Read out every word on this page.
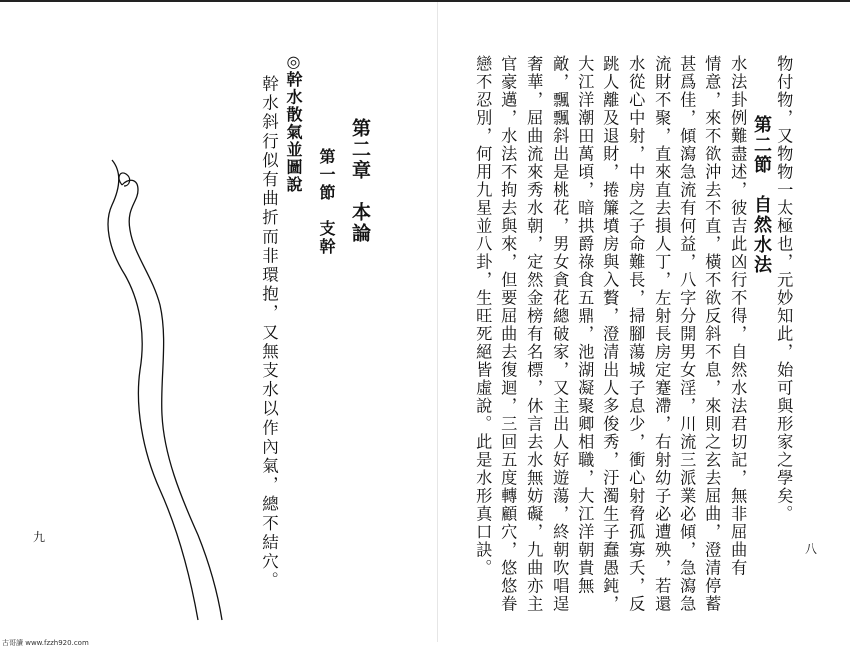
物付物，又物物一太極也，元妙知此，始可與形家之學矣。
第二節　自然水法
水法卦例難盡述，彼吉此凶行不得，自然水法君切記，無非屈曲有
情意，來不欲沖去不直，橫不欲反斜不息，來則之玄去屈曲，澄清停蓄
甚爲佳，傾瀉急流有何益，八字分開男女淫，川流三派業必傾，急瀉急
流財不聚，直來直去損人丁，左射長房定蹇滯，右射幼子必遭殃，若還
水從心中射，中房之子命難長，掃腳蕩城子息少，衝心射脅孤寡夭，反
跳人離及退財，捲簾墳房與入贅，澄清出人多俊秀，汙濁生子蠢愚鈍，
大江洋潮田萬頃，暗拱爵祿食五鼎，池湖凝聚卿相職，大江洋朝貴無
敵，飄飄斜出是桃花，男女貪花總破家，又主出人好遊蕩，終朝吹唱逞
奢華，屈曲流來秀水朝，定然金榜有名標，休言去水無妨礙，九曲亦主
官豪邁，水法不拘去與來，但要屈曲去復迴，三回五度轉顧穴，悠悠眷
戀不忍別，何用九星並八卦，生旺死絕皆虛說。此是水形真口訣。	八
第二章　本論
第一節　支幹
◎幹水散氣並圖說
幹水斜行似有曲折而非環抱，又無支水以作內氣，總不結穴。
九
古哥讀 www.fzzh920.com
